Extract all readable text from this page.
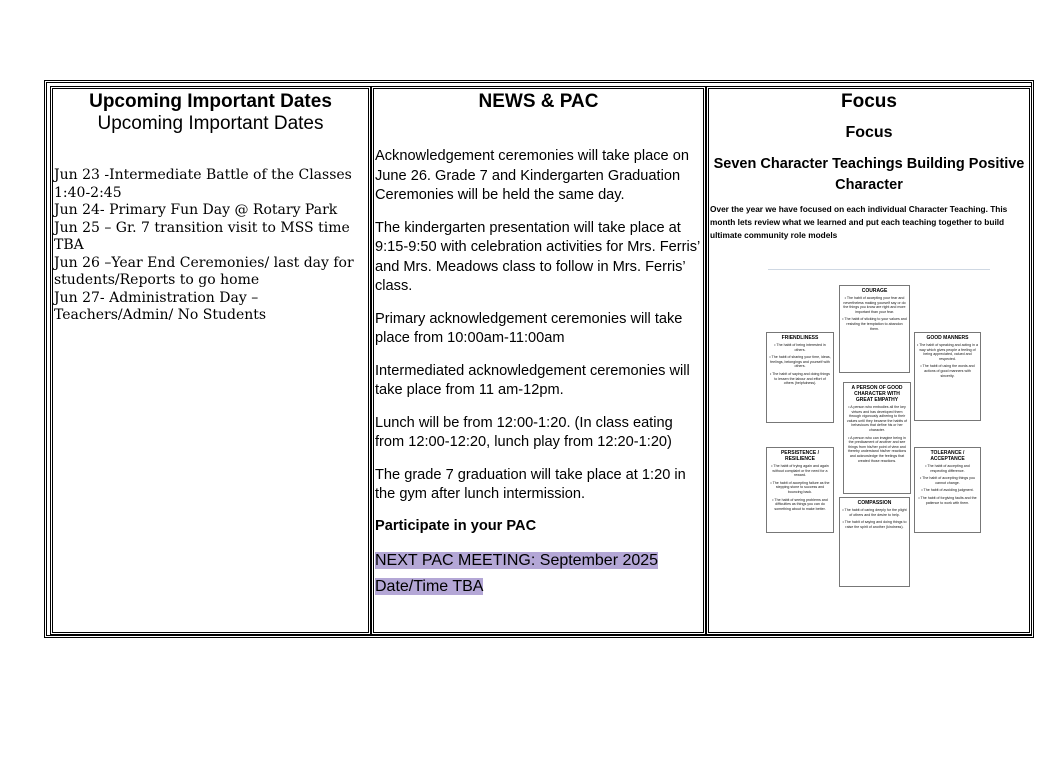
Upcoming Important Dates

Upcoming Important Dates

Jun 23 -Intermediate Battle of the Classes 1:40-2:45
Jun 24- Primary Fun Day @ Rotary Park
Jun 25 – Gr. 7 transition visit to MSS time TBA
Jun 26 –Year End Ceremonies/ last day for students/Reports to go home
Jun 27- Administration Day – Teachers/Admin/ No Students

NEWS & PAC

Acknowledgement ceremonies will take place on June 26. Grade 7 and Kindergarten Graduation Ceremonies will be held the same day.

The kindergarten presentation will take place at 9:15-9:50 with celebration activities for Mrs. Ferris’ and Mrs. Meadows class to follow in Mrs. Ferris’ class.

Primary acknowledgement ceremonies will take place from 10:00am-11:00am

Intermediated acknowledgement ceremonies will take place from 11 am-12pm.

Lunch will be from 12:00-1:20. (In class eating from 12:00-12:20, lunch play from 12:20-1:20)

The grade 7 graduation will take place at 1:20 in the gym after lunch intermission.

Participate in your PAC

NEXT PAC MEETING: September 2025

Date/Time TBA

Focus

Focus

Seven Character Teachings Building Positive Character

Over the year we have focused on each individual Character Teaching. This month lets review what we learned and put each teaching together to build ultimate community role models

COURAGE
• The habit of accepting your fear and nevertheless making yourself say or do the things you know are right and more important than your fear.
• The habit of sticking to your values and resisting the temptation to abandon them.
FRIENDLINESS
• The habit of being interested in others.
• The habit of sharing your time, ideas, feelings, belongings and yourself with others.
• The habit of saying and doing things to lessen the labour and effort of others (helpfulness).
GOOD MANNERS
• The habit of speaking and acting in a way which gives people a feeling of being appreciated, valued and respected.
• The habit of using the words and actions of good manners with sincerity.
A PERSON OF GOOD CHARACTER WITH GREAT EMPATHY
• A person who embodies all the key virtues and has developed them through vigorously adhering to their values until they became the habits of behaviours that define his or her character.
• A person who can imagine being in the predicament of another and see things from his/her point of view and thereby understand his/her reactions and acknowledge the feelings that created those reactions.
PERSISTENCE / RESILIENCE
• The habit of trying again and again without complaint or the need for a reward.
• The habit of accepting failure as the stepping stone to success and bouncing back.
• The habit of seeing problems and difficulties as things you can do something about to make better.
TOLERANCE / ACCEPTANCE
• The habit of accepting and respecting difference.
• The habit of accepting things you cannot change.
• The habit of avoiding judgment.
• The habit of forgiving faults and the patience to work with them.
COMPASSION
• The habit of caring deeply for the plight of others and the desire to help.
• The habit of saying and doing things to raise the spirit of another (kindness).
